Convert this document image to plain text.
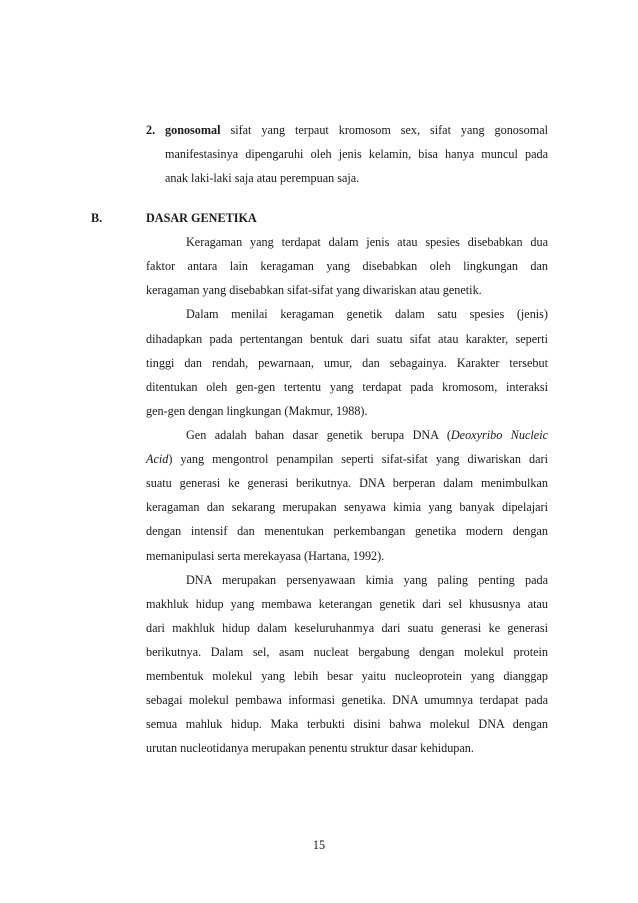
2. gonosomal sifat yang terpaut kromosom sex, sifat yang gonosomal
manifestasinya dipengaruhi oleh jenis kelamin, bisa hanya muncul pada
anak laki-laki saja atau perempuan saja.
B.	DASAR GENETIKA
Keragaman yang terdapat dalam jenis atau spesies disebabkan dua
faktor antara lain keragaman yang disebabkan oleh lingkungan dan
keragaman yang disebabkan sifat-sifat yang diwariskan atau genetik.
Dalam menilai keragaman genetik dalam satu spesies (jenis)
dihadapkan pada pertentangan bentuk dari suatu sifat atau karakter, seperti
tinggi dan rendah, pewarnaan, umur, dan sebagainya. Karakter tersebut
ditentukan oleh gen-gen tertentu yang terdapat pada kromosom, interaksi
gen-gen dengan lingkungan (Makmur, 1988).
Gen adalah bahan dasar genetik berupa DNA (Deoxyribo Nucleic
Acid) yang mengontrol penampilan seperti sifat-sifat yang diwariskan dari
suatu generasi ke generasi berikutnya. DNA berperan dalam menimbulkan
keragaman dan sekarang merupakan senyawa kimia yang banyak dipelajari
dengan intensif dan menentukan perkembangan genetika modern dengan
memanipulasi serta merekayasa (Hartana, 1992).
DNA merupakan persenyawaan kimia yang paling penting pada
makhluk hidup yang membawa keterangan genetik dari sel khususnya atau
dari makhluk hidup dalam keseluruhanmya dari suatu generasi ke generasi
berikutnya. Dalam sel, asam nucleat bergabung dengan molekul protein
membentuk molekul yang lebih besar yaitu nucleoprotein yang dianggap
sebagai molekul pembawa informasi genetika. DNA umumnya terdapat pada
semua mahluk hidup. Maka terbukti disini bahwa molekul DNA dengan
urutan nucleotidanya merupakan penentu struktur dasar kehidupan.
15
